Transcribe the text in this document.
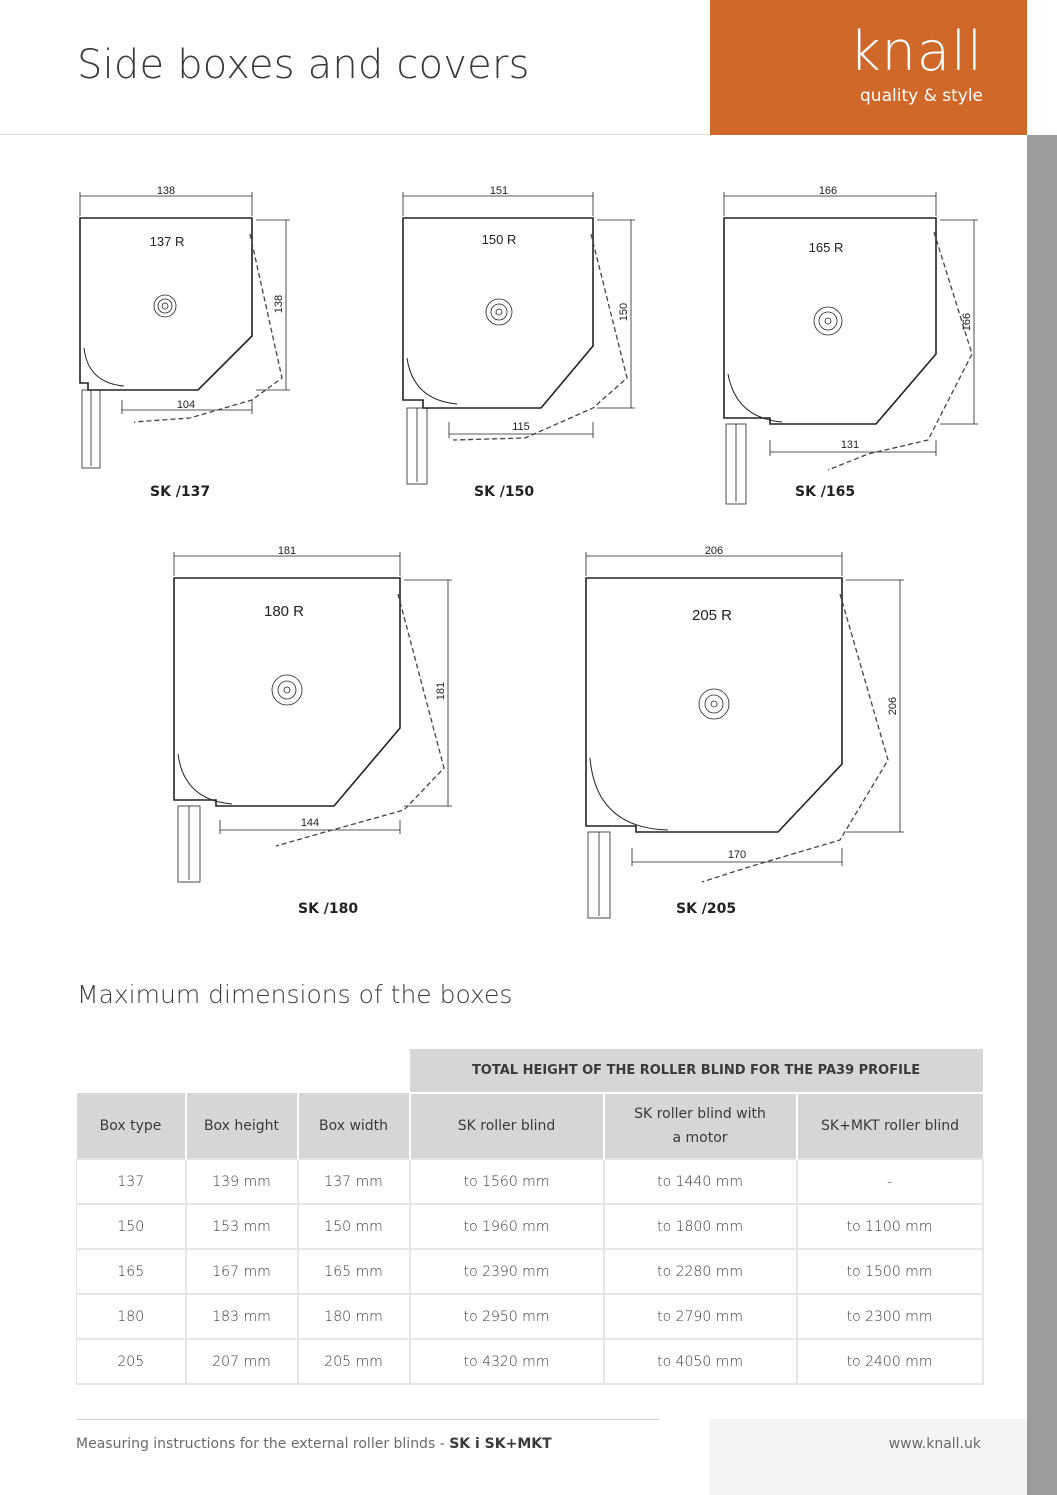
Side boxes and covers	knall
quality & style
138
138
104
137 R
SK /137
151
150
115
150 R
SK /150
166
166
131
165 R
SK /165
181
181
144
180 R
SK /180
206
206
170
205 R
SK /205
Maximum dimensions of the boxes
			TOTAL HEIGHT OF THE ROLLER BLIND FOR THE PA39 PROFILE		
Box type	Box height	Box width	SK roller blind	SK roller blind with a motor	SK+MKT roller blind
137	139 mm	137 mm	to 1560 mm	to 1440 mm	-
150	153 mm	150 mm	to 1960 mm	to 1800 mm	to 1100 mm
165	167 mm	165 mm	to 2390 mm	to 2280 mm	to 1500 mm
180	183 mm	180 mm	to 2950 mm	to 2790 mm	to 2300 mm
205	207 mm	205 mm	to 4320 mm	to 4050 mm	to 2400 mm
Measuring instructions for the external roller blinds - SK i SK+MKT	www.knall.uk
